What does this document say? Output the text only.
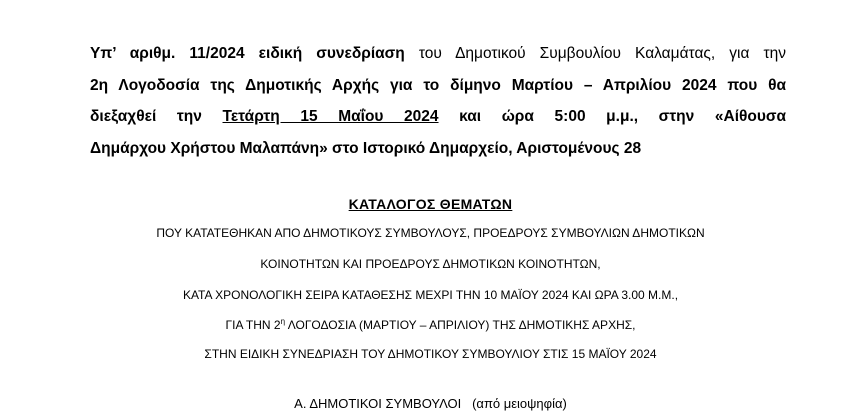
Υπ’ αριθμ. 11/2024 ειδική συνεδρίαση του Δημοτικού Συμβουλίου Καλαμάτας, για την
2η Λογοδοσία της Δημοτικής Αρχής για το δίμηνο Μαρτίου – Απριλίου 2024 που θα
διεξαχθεί την Τετάρτη 15 Μαΐου 2024 και ώρα 5:00 μ.μ., στην «Αίθουσα
Δημάρχου Χρήστου Μαλαπάνη» στο Ιστορικό Δημαρχείο, Αριστομένους 28
ΚΑΤΑΛΟΓΟΣ ΘΕΜΑΤΩΝ
ΠΟΥ ΚΑΤΑΤΕΘΗΚΑΝ ΑΠΟ ΔΗΜΟΤΙΚΟΥΣ ΣΥΜΒΟΥΛΟΥΣ, ΠΡΟΕΔΡΟΥΣ ΣΥΜΒΟΥΛΙΩΝ ΔΗΜΟΤΙΚΩΝ
ΚΟΙΝΟΤΗΤΩΝ ΚΑΙ ΠΡΟΕΔΡΟΥΣ ΔΗΜΟΤΙΚΩΝ ΚΟΙΝΟΤΗΤΩΝ,
ΚΑΤΑ ΧΡΟΝΟΛΟΓΙΚΗ ΣΕΙΡΑ ΚΑΤΑΘΕΣΗΣ ΜΕΧΡΙ ΤΗΝ 10 ΜΑΪΟΥ 2024 ΚΑΙ ΩΡΑ 3.00 Μ.Μ.,
ΓΙΑ ΤΗΝ $2^\eta$ ΛΟΓΟΔΟΣΙΑ (ΜΑΡΤΙΟΥ – ΑΠΡΙΛΙΟΥ) ΤΗΣ ΔΗΜΟΤΙΚΗΣ ΑΡΧΗΣ,
ΣΤΗΝ ΕΙΔΙΚΗ ΣΥΝΕΔΡΙΑΣΗ ΤΟΥ ΔΗΜΟΤΙΚΟΥ ΣΥΜΒΟΥΛΙΟΥ ΣΤΙΣ 15 ΜΑΪΟΥ 2024
Α. ΔΗΜΟΤΙΚΟΙ ΣΥΜΒΟΥΛΟΙ (από μειοψηφία)
